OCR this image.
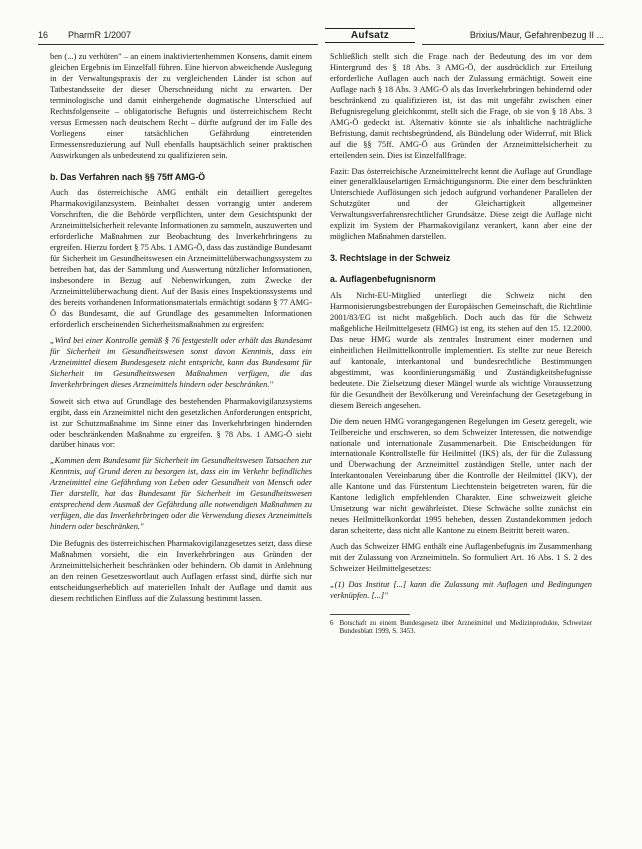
16 PharmR 1/2007	Aufsatz	Brixius/Maur, Gefahrenbezug II ...

ben (...) zu verhüten" – an einem inaktiviertenhemmen Konsens, damit einem gleichen Ergebnis im Einzelfall führen. Eine hiervon abweichende Auslegung in der Verwaltungspraxis der zu vergleichenden Länder ist schon auf Tatbestandsseite der dieser Überschneidung nicht zu erwarten. Der terminologische und damit einhergehende dogmatische Unterschied auf Rechtsfolgenseite – obligatorische Befugnis und österreichischem Recht versus Ermessen nach deutschem Recht – dürfte aufgrund der im Falle des Vorliegens einer tatsächlichen Gefährdung eintretenden Ermessensreduzierung auf Null ebenfalls hauptsächlich seiner praktischen Auswirkungen als unbedeutend zu qualifizieren sein.

b. Das Verfahren nach §§ 75ff AMG-Ö

Auch das österreichische AMG enthält ein detailliert geregeltes Pharmakovigilanzsystem. Beinhaltet dessen vorrangig unter anderem Vorschriften, die die Behörde verpflichten, unter dem Gesichtspunkt der Arzneimittelsicherheit relevante Informationen zu sammeln, auszuwerten und erforderliche Maßnahmen zur Beobachtung des Inverkehrbringens zu ergreifen. Hierzu fordert § 75 Abs. 1 AMG-Ö, dass das zuständige Bundesamt für Sicherheit im Gesundheitswesen ein Arzneimittelüberwachungssystem zu betreiben hat, das der Sammlung und Auswertung nützlicher Informationen, insbesondere in Bezug auf Nebenwirkungen, zum Zwecke der Arzneimittelüberwachung dient. Auf der Basis eines Inspektionssystems und des bereits vorhandenen Informationsmaterials ermächtigt sodann § 77 AMG-Ö das Bundesamt, die auf Grundlage des gesammelten Informationen erforderlich erscheinenden Sicherheitsmaßnahmen zu ergreifen:

„Wird bei einer Kontrolle gemäß § 76 festgestellt oder erhält das Bundesamt für Sicherheit im Gesundheitswesen sonst davon Kenntnis, dass ein Arzneimittel diesem Bundesgesetz nicht entspricht, kann das Bundesamt für Sicherheit im Gesundheitswesen Maßnahmen verfügen, die das Inverkehrbringen dieses Arzneimittels hindern oder beschränken."

Soweit sich etwa auf Grundlage des bestehenden Pharmakovigilanzsystems ergibt, dass ein Arzneimittel nicht den gesetzlichen Anforderungen entspricht, ist zur Schutzmaßnahme im Sinne einer das Inverkehrbringen hindernden oder beschränkenden Maßnahme zu ergreifen. § 78 Abs. 1 AMG-Ö sieht darüber hinaus vor:

„Kommen dem Bundesamt für Sicherheit im Gesundheitswesen Tatsachen zur Kenntnis, auf Grund deren zu besorgen ist, dass ein im Verkehr befindliches Arzneimittel eine Gefährdung von Leben oder Gesundheit von Mensch oder Tier darstellt, hat das Bundesamt für Sicherheit im Gesundheitswesen entsprechend dem Ausmaß der Gefährdung alle notwendigen Maßnahmen zu verfügen, die das Inverkehrbringen oder die Verwendung dieses Arzneimittels hindern oder beschränken."

Die Befugnis des österreichischen Pharmakovigilanzgesetzes setzt, dass diese Maßnahmen vorsieht, die ein Inverkehrbringen aus Gründen der Arzneimittelsicherheit beschränken oder behindern. Ob damit in Anlehnung an den reinen Gesetzeswortlaut auch Auflagen erfasst sind, dürfte sich nur entscheidungserheblich auf materiellen Inhalt der Auflage und damit aus diesem rechtlichen Einfluss auf die Zulassung bestimmt lassen.

Schließlich stellt sich die Frage nach der Bedeutung des im vor dem Hintergrund des § 18 Abs. 3 AMG-Ö, der ausdrücklich zur Erteilung erforderliche Auflagen auch nach der Zulassung ermächtigt. Soweit eine Auflage nach § 18 Abs. 3 AMG-Ö als das Inverkehrbringen behindernd oder beschränkend zu qualifizieren ist, ist das mit ungefähr zwischen einer Befugnisregelung gleichkommt, stellt sich die Frage, ob sie von § 18 Abs. 3 AMG-Ö gedeckt ist. Alternativ könnte sie als inhaltliche nachträgliche Befristung, damit rechtsbegründend, als Bündelung oder Widerruf, mit Blick auf die §§ 75ff. AMG-Ö aus Gründen der Arzneimittelsicherheit zu erteilenden sein. Dies ist Einzelfallfrage.

Fazit: Das österreichische Arzneimittelrecht kennt die Auflage auf Grundlage einer generalklauselartigen Ermächtigungsnorm. Die einer dem beschränkten Unterschiede Auflösungen sich jedoch aufgrund vorhandener Parallelen der Schutzgüter und der Gleichartigkeit allgemeiner Verwaltungsverfahrensrechtlicher Grundsätze. Diese zeigt die Auflage nicht explizit im System der Pharmakovigilanz verankert, kann aber eine der möglichen Maßnahmen darstellen.

3. Rechtslage in der Schweiz
a. Auflagenbefugnisnorm

Als Nicht-EU-Mitglied unterliegt die Schweiz nicht den Harmonisierungsbestrebungen der Europäischen Gemeinschaft, die Richtlinie 2001/83/EG ist nicht maßgeblich. Doch auch das für die Schweiz maßgebliche Heilmittelgesetz (HMG) ist eng, its stehen auf den 15. 12.2000. Das neue HMG wurde als zentrales Instrument einer modernen und einheitlichen Heilmittelkontrolle implementiert. Es stellte zur neue Bereich auf kantonale, interkantonal und bundesrechtliche Bestimmungen abgestimmt, was koordinierungsmäßig und Zuständigkeitsbefugnisse bedeutete. Die Zielsetzung dieser Mängel wurde als wichtige Voraussetzung für die Gesundheit der Bevölkerung und Vereinfachung der Gesetzgebung in diesem Bereich angesehen.

Die dem neuen HMG vorangegangenen Regelungen im Gesetz geregelt, wie Teilbereiche und erschweren, so dem Schweizer Interessen, die notwendige nationale und internationale Zusammenarbeit. Die Entscheidungen für internationale Kontrollstelle für Heilmittel (IKS) als, der für die Zulassung und Überwachung der Arzneimittel zuständigen Stelle, unter nach der Interkantonalen Vereinbarung über die Kontrolle der Heilmittel (IKV), der alle Kantone und das Fürstentum Liechtenstein beigetreten waren, für die Kantone lediglich empfehlenden Charakter. Eine schweizweit gleiche Umsetzung war nicht gewährleistet. Diese Schwäche sollte zunächst ein neues Heilmittelkonkordat 1995 beheben, dessen Zustandekommen jedoch daran scheiterte, dass nicht alle Kantone zu einem Beitritt bereit waren.

Auch das Schweizer HMG enthält eine Auflagenbefugnis im Zusammenhang mit der Zulassung von Arzneimitteln. So formuliert Art. 16 Abs. 1 S. 2 des Schweizer Heilmittelgesetzes:

„(1) Das Institut [...] kann die Zulassung mit Auflagen und Bedingungen verknüpfen. [...]"
6 Botschaft zu einem Bundesgesetz über Arzneimittel und Medizinprodukte, Schweizer Bundesblatt 1999, S. 3453.
